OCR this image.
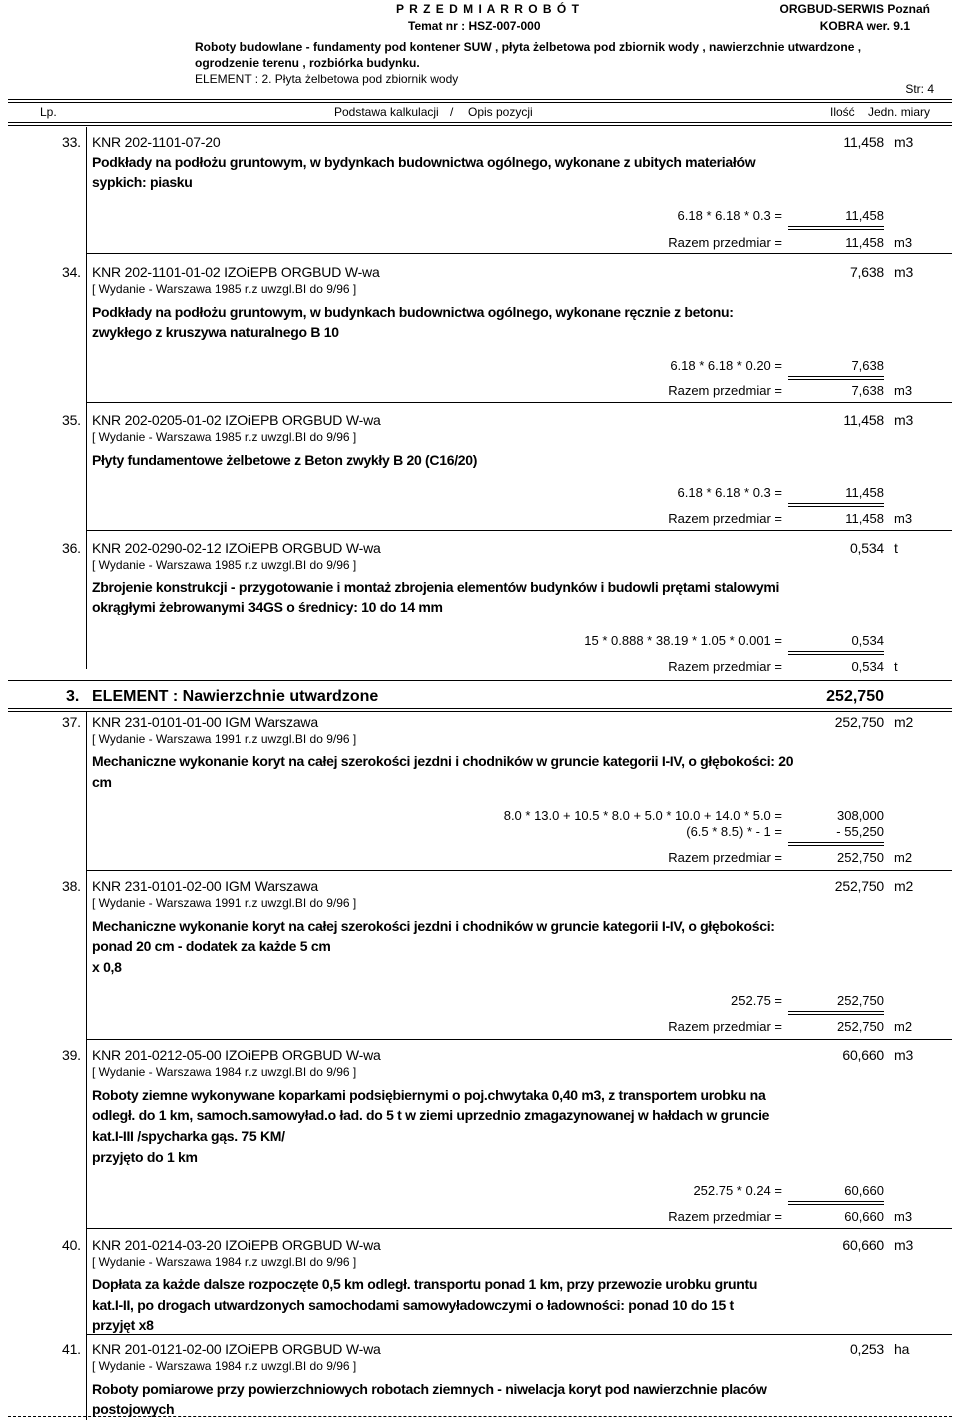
P R Z E D M I A R R O B Ó T	ORGBUD-SERWIS Poznań
Temat nr : HSZ-007-000	KOBRA wer. 9.1
Roboty budowlane - fundamenty pod kontener SUW , płyta żelbetowa pod zbiornik wody , nawierzchnie utwardzone ,
ogrodzenie terenu , rozbiórka budynku.
ELEMENT : 2. Płyta żelbetowa pod zbiornik wody
Str: 4
Lp.	Podstawa kalkulacji / Opis pozycji	Ilość Jedn. miary
33. KNR 202-1101-07-20	11,458 m3
Podkłady na podłożu gruntowym, w bydynkach budownictwa ogólnego, wykonane z ubitych materiałów
sypkich: piasku
6.18 * 6.18 * 0.3 =	11,458
Razem przedmiar =	11,458 m3
34. KNR 202-1101-01-02 IZOiEPB ORGBUD W-wa	7,638 m3
[ Wydanie - Warszawa 1985 r.z uwzgl.BI do 9/96 ]
Podkłady na podłożu gruntowym, w budynkach budownictwa ogólnego, wykonane ręcznie z betonu:
zwykłego z kruszywa naturalnego B 10
6.18 * 6.18 * 0.20 =	7,638
Razem przedmiar =	7,638 m3
35. KNR 202-0205-01-02 IZOiEPB ORGBUD W-wa	11,458 m3
[ Wydanie - Warszawa 1985 r.z uwzgl.BI do 9/96 ]
Płyty fundamentowe żelbetowe z Beton zwykły B 20 (C16/20)
6.18 * 6.18 * 0.3 =	11,458
Razem przedmiar =	11,458 m3
36. KNR 202-0290-02-12 IZOiEPB ORGBUD W-wa	0,534 t
[ Wydanie - Warszawa 1985 r.z uwzgl.BI do 9/96 ]
Zbrojenie konstrukcji - przygotowanie i montaż zbrojenia elementów budynków i budowli prętami stalowymi
okrągłymi żebrowanymi 34GS o średnicy: 10 do 14 mm
15 * 0.888 * 38.19 * 1.05 * 0.001 =	0,534
Razem przedmiar =	0,534 t
3. ELEMENT : Nawierzchnie utwardzone	252,750
37. KNR 231-0101-01-00 IGM Warszawa	252,750 m2
[ Wydanie - Warszawa 1991 r.z uwzgl.BI do 9/96 ]
Mechaniczne wykonanie koryt na całej szerokości jezdni i chodników w gruncie kategorii I-IV, o głębokości: 20
cm
8.0 * 13.0 + 10.5 * 8.0 + 5.0 * 10.0 + 14.0 * 5.0 =	308,000
(6.5 * 8.5) * - 1 =	- 55,250
Razem przedmiar =	252,750 m2
38. KNR 231-0101-02-00 IGM Warszawa	252,750 m2
[ Wydanie - Warszawa 1991 r.z uwzgl.BI do 9/96 ]
Mechaniczne wykonanie koryt na całej szerokości jezdni i chodników w gruncie kategorii I-IV, o głębokości:
ponad 20 cm - dodatek za każde 5 cm
x 0,8
252.75 =	252,750
Razem przedmiar =	252,750 m2
39. KNR 201-0212-05-00 IZOiEPB ORGBUD W-wa	60,660 m3
[ Wydanie - Warszawa 1984 r.z uwzgl.BI do 9/96 ]
Roboty ziemne wykonywane koparkami podsiębiernymi o poj.chwytaka 0,40 m3, z transportem urobku na
odległ. do 1 km, samoch.samowyład.o ład. do 5 t w ziemi uprzednio zmagazynowanej w hałdach w gruncie
kat.I-III /spycharka gąs. 75 KM/
przyjęto do 1 km
252.75 * 0.24 =	60,660
Razem przedmiar =	60,660 m3
40. KNR 201-0214-03-20 IZOiEPB ORGBUD W-wa	60,660 m3
[ Wydanie - Warszawa 1984 r.z uwzgl.BI do 9/96 ]
Dopłata za każde dalsze rozpoczęte 0,5 km odległ. transportu ponad 1 km, przy przewozie urobku gruntu
kat.I-II, po drogach utwardzonych samochodami samowyładowczymi o ładowności: ponad 10 do 15 t
przyjęt x8
41. KNR 201-0121-02-00 IZOiEPB ORGBUD W-wa	0,253 ha
[ Wydanie - Warszawa 1984 r.z uwzgl.BI do 9/96 ]
Roboty pomiarowe przy powierzchniowych robotach ziemnych - niwelacja koryt pod nawierzchnie placów
postojowych
